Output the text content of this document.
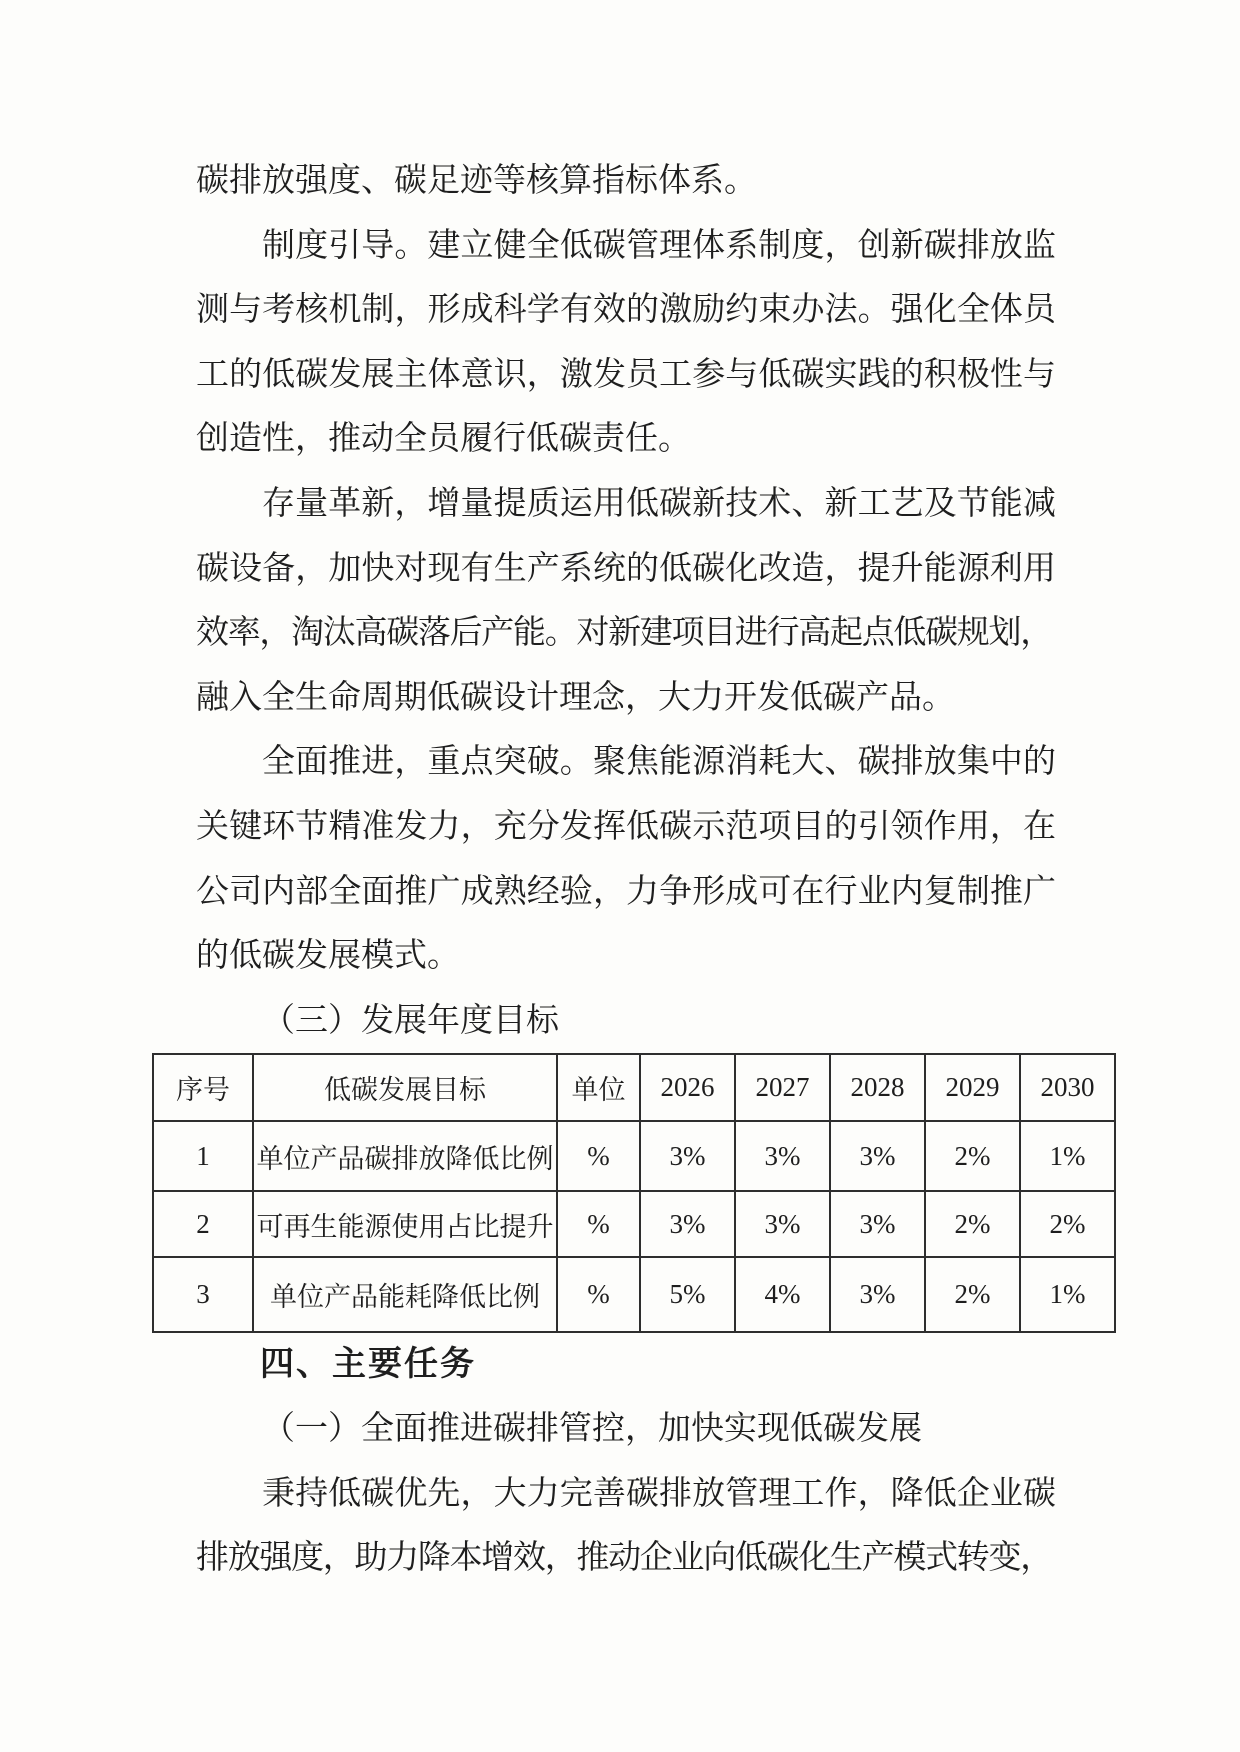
碳排放强度、碳足迹等核算指标体系。
制度引导。建立健全低碳管理体系制度，创新碳排放监
测与考核机制，形成科学有效的激励约束办法。强化全体员
工的低碳发展主体意识，激发员工参与低碳实践的积极性与
创造性，推动全员履行低碳责任。
存量革新，增量提质运用低碳新技术、新工艺及节能减
碳设备，加快对现有生产系统的低碳化改造，提升能源利用
效率，淘汰高碳落后产能。对新建项目进行高起点低碳规划，
融入全生命周期低碳设计理念，大力开发低碳产品。
全面推进，重点突破。聚焦能源消耗大、碳排放集中的
关键环节精准发力，充分发挥低碳示范项目的引领作用，在
公司内部全面推广成熟经验，力争形成可在行业内复制推广
的低碳发展模式。
（三）发展年度目标
序号	低碳发展目标	单位	2026	2027	2028	2029	2030
1	单位产品碳排放降低比例	%	3%	3%	3%	2%	1%
2	可再生能源使用占比提升	%	3%	3%	3%	2%	2%
3	单位产品能耗降低比例	%	5%	4%	3%	2%	1%
四、主要任务
（一）全面推进碳排管控，加快实现低碳发展
秉持低碳优先，大力完善碳排放管理工作，降低企业碳
排放强度，助力降本增效，推动企业向低碳化生产模式转变，
